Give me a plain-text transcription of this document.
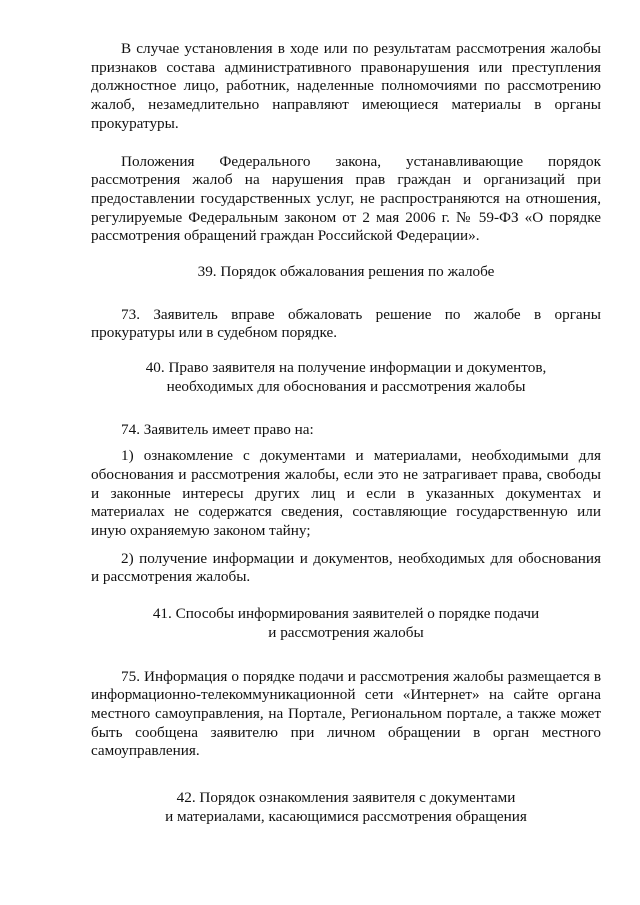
В случае установления в ходе или по результатам рассмотрения жалобы признаков состава административного правонарушения или преступления должностное лицо, работник, наделенные полномочиями по рассмотрению жалоб, незамедлительно направляют имеющиеся материалы в органы прокуратуры.

Положения Федерального закона, устанавливающие порядок рассмотрения жалоб на нарушения прав граждан и организаций при предоставлении государственных услуг, не распространяются на отношения, регулируемые Федеральным законом от 2 мая 2006 г. № 59-ФЗ «О порядке рассмотрения обращений граждан Российской Федерации».

39. Порядок обжалования решения по жалобе

73. Заявитель вправе обжаловать решение по жалобе в органы прокуратуры или в судебном порядке.

40. Право заявителя на получение информации и документов,
необходимых для обоснования и рассмотрения жалобы

74. Заявитель имеет право на:

1) ознакомление с документами и материалами, необходимыми для обоснования и рассмотрения жалобы, если это не затрагивает права, свободы и законные интересы других лиц и если в указанных документах и материалах не содержатся сведения, составляющие государственную или иную охраняемую законом тайну;

2) получение информации и документов, необходимых для обоснования и рассмотрения жалобы.

41. Способы информирования заявителей о порядке подачи
и рассмотрения жалобы

75. Информация о порядке подачи и рассмотрения жалобы размещается в информационно-телекоммуникационной сети «Интернет» на сайте органа местного самоуправления, на Портале, Региональном портале, а также может быть сообщена заявителю при личном обращении в орган местного самоуправления.

42. Порядок ознакомления заявителя с документами
и материалами, касающимися рассмотрения обращения
